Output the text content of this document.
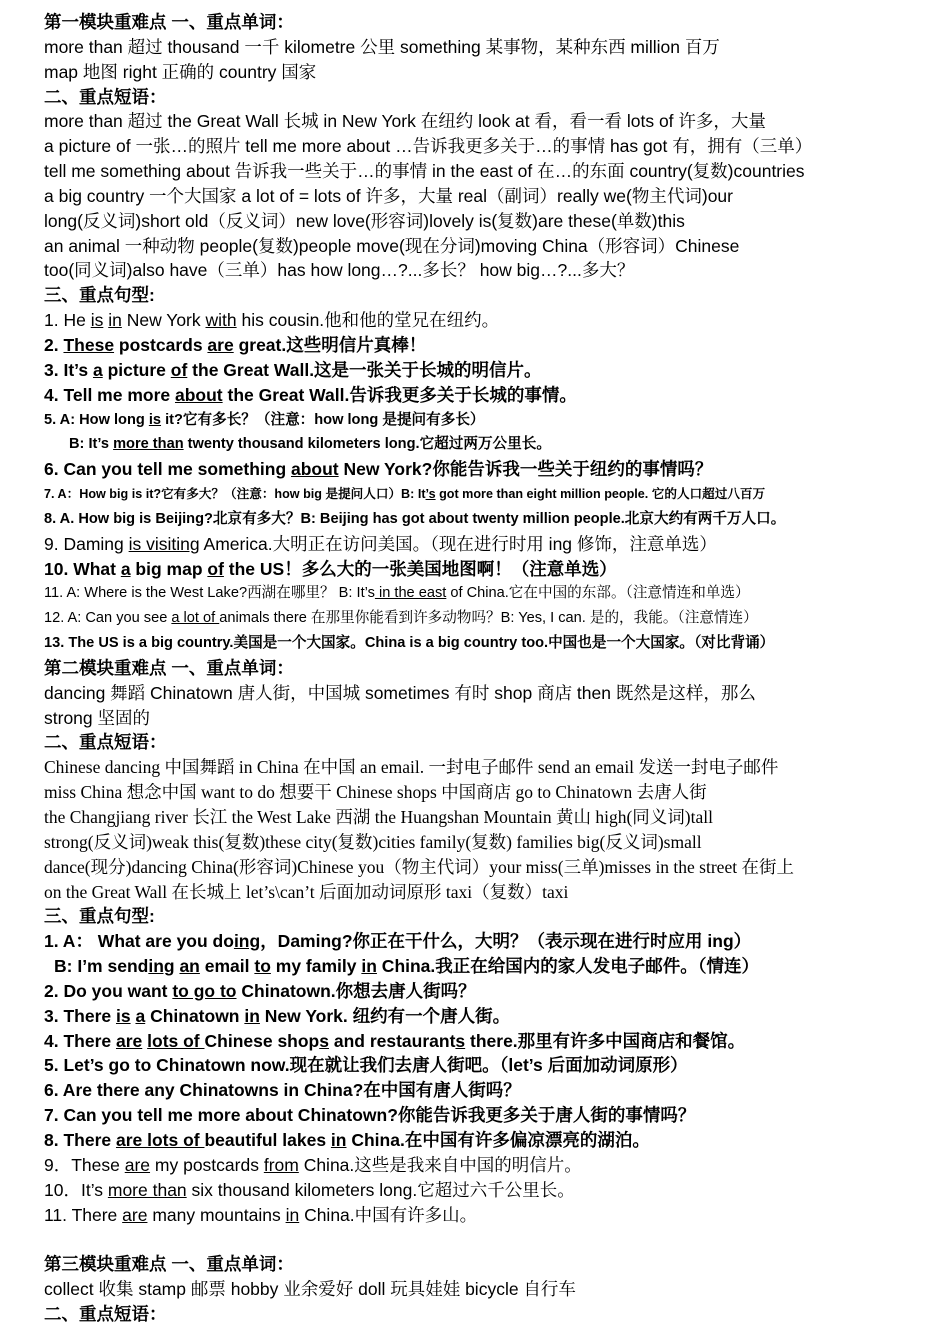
第一模块重难点 一、重点单词：
more than 超过 thousand 一千 kilometre 公里 something 某事物，某种东西 million 百万
map 地图 right 正确的 country 国家
二、重点短语：
more than 超过 the Great Wall 长城 in New York 在纽约 look at 看，看一看 lots of 许多，大量
a picture of 一张…的照片 tell me more about …告诉我更多关于…的事情 has got 有，拥有（三单）
tell me something about 告诉我一些关于…的事情 in the east of 在…的东面 country(复数)countries
a big country 一个大国家 a lot of = lots of 许多，大量 real（副词）really we(物主代词)our
long(反义词)short old（反义词）new love(形容词)lovely is(复数)are these(单数)this
an animal 一种动物 people(复数)people move(现在分词)moving China（形容词）Chinese
too(同义词)also have（三单）has how long…?...多长？ how big…?...多大？
三、重点句型:
1. He is in New York with his cousin.他和他的堂兄在纽约。
2. These postcards are great.这些明信片真棒！
3. It’s a picture of the Great Wall.这是一张关于长城的明信片。
4. Tell me more about the Great Wall.告诉我更多关于长城的事情。
5. A: How long is it?它有多长？（注意：how long 是提问有多长）
B: It’s more than twenty thousand kilometers long.它超过两万公里长。
6. Can you tell me something about New York?你能告诉我一些关于纽约的事情吗？
7. A：How big is it?它有多大？（注意：how big 是提问人口）B: It’s got more than eight million people. 它的人口超过八百万
8. A. How big is Beijing?北京有多大？B: Beijing has got about twenty million people.北京大约有两千万人口。
9. Daming is visiting America.大明正在访问美国。（现在进行时用 ing 修饰，注意单选）
10. What a big map of the US！多么大的一张美国地图啊！（注意单选）
11. A: Where is the West Lake?西湖在哪里？ B: It’s in the east of China.它在中国的东部。（注意情连和单选）
12. A: Can you see a lot of animals there 在那里你能看到许多动物吗？B: Yes, I can. 是的，我能。（注意情连）
13. The US is a big country.美国是一个大国家。China is a big country too.中国也是一个大国家。（对比背诵）
第二模块重难点 一、重点单词：
dancing 舞蹈 Chinatown 唐人街，中国城 sometimes 有时 shop 商店 then 既然是这样，那么
strong 坚固的
二、重点短语：
Chinese dancing 中国舞蹈 in China 在中国 an email. 一封电子邮件 send an email 发送一封电子邮件
miss China 想念中国 want to do 想要干 Chinese shops 中国商店 go to Chinatown 去唐人街
the Changjiang river 长江 the West Lake 西湖 the Huangshan Mountain 黄山 high(同义词)tall
strong(反义词)weak this(复数)these city(复数)cities family(复数) families big(反义词)small
dance(现分)dancing China(形容词)Chinese you（物主代词）your miss(三单)misses in the street 在街上
on the Great Wall 在长城上 let’s\can’t 后面加动词原形 taxi（复数）taxi
三、重点句型:
1. A： What are you doing，Daming?你正在干什么，大明？（表示现在进行时应用 ing）
B: I’m sending an email to my family in China.我正在给国内的家人发电子邮件。（情连）
2. Do you want to go to Chinatown.你想去唐人街吗？
3. There is a Chinatown in New York. 纽约有一个唐人街。
4. There are lots of Chinese shops and restaurants there.那里有许多中国商店和餐馆。
5. Let’s go to Chinatown now.现在就让我们去唐人街吧。（let’s 后面加动词原形）
6. Are there any Chinatowns in China?在中国有唐人街吗？
7. Can you tell me more about Chinatown?你能告诉我更多关于唐人街的事情吗？
8. There are lots of beautiful lakes in China.在中国有许多偏凉漂亮的湖泊。
9．These are my postcards from China.这些是我来自中国的明信片。
10．It’s more than six thousand kilometers long.它超过六千公里长。
11. There are many mountains in China.中国有许多山。
第三模块重难点 一、重点单词：
collect 收集 stamp 邮票 hobby 业余爱好 doll 玩具娃娃 bicycle 自行车
二、重点短语：
